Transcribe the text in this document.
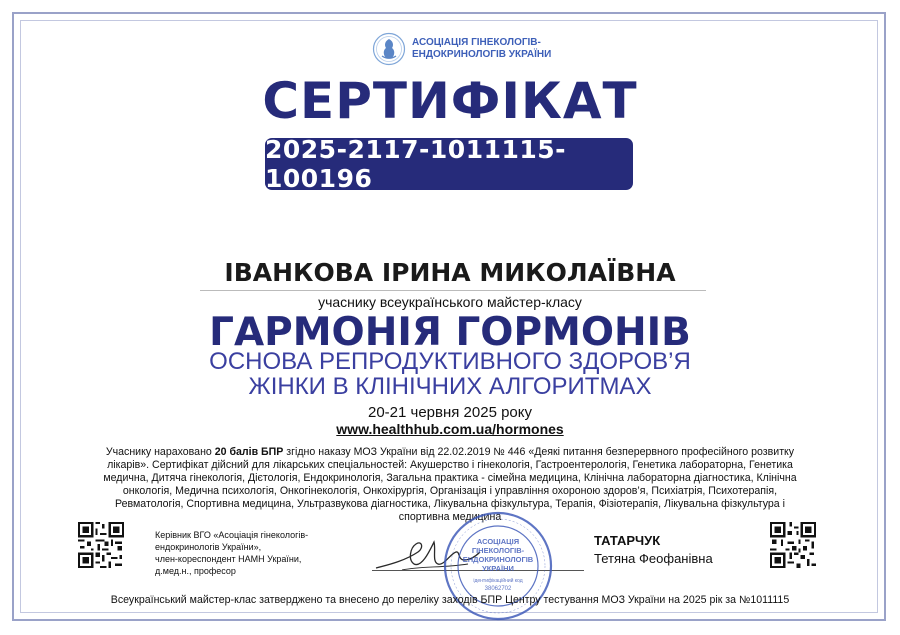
АСОЦІАЦІЯ ГІНЕКОЛОГІВ-
ЕНДОКРИНОЛОГІВ УКРАЇНИ
СЕРТИФІКАТ
2025-2117-1011115-100196
ІВАНКОВА ІРИНА МИКОЛАЇВНА
учаснику всеукраїнського майстер-класу
ГАРМОНІЯ ГОРМОНІВ
ОСНОВА РЕПРОДУКТИВНОГО ЗДОРОВ’Я
ЖІНКИ В КЛІНІЧНИХ АЛГОРИТМАХ
20-21 червня 2025 року
www.healthhub.com.ua/hormones
Учаснику нараховано 20 балів БПР згідно наказу МОЗ України від 22.02.2019 № 446 «Деякі питання безперервного професійного розвитку лікарів». Сертифікат дійсний для лікарських спеціальностей: Акушерство і гінекологія, Гастроентерологія, Генетика лабораторна, Генетика медична, Дитяча гінекологія, Дієтологія, Ендокринологія, Загальна практика - сімейна медицина, Клінічна лабораторна діагностика, Клінічна онкологія, Медична психологія, Онкогінекологія, Онкохірургія, Організація і управління охороною здоров’я, Психіатрія, Психотерапія, Ревматологія, Спортивна медицина, Ультразвукова діагностика, Лікувальна фізкультура, Терапія, Фізіотерапія, Лікувальна фізкультура і спортивна медицина
Керівник ВГО «Асоціація гінекологів-
ендокринологів України»,
член-кореспондент НАМН України,
д.мед.н., професор
АСОЦІАЦІЯ
ГІНЕКОЛОГІВ-
ЕНДОКРИНОЛОГІВ
УКРАЇНИ
ідентифікаційний код
38062702
ТАТАРЧУК
Тетяна Феофанівна
Всеукраїнський майстер-клас затверджено та внесено до переліку заходів БПР Центру тестування МОЗ України на 2025 рік за №1011115
